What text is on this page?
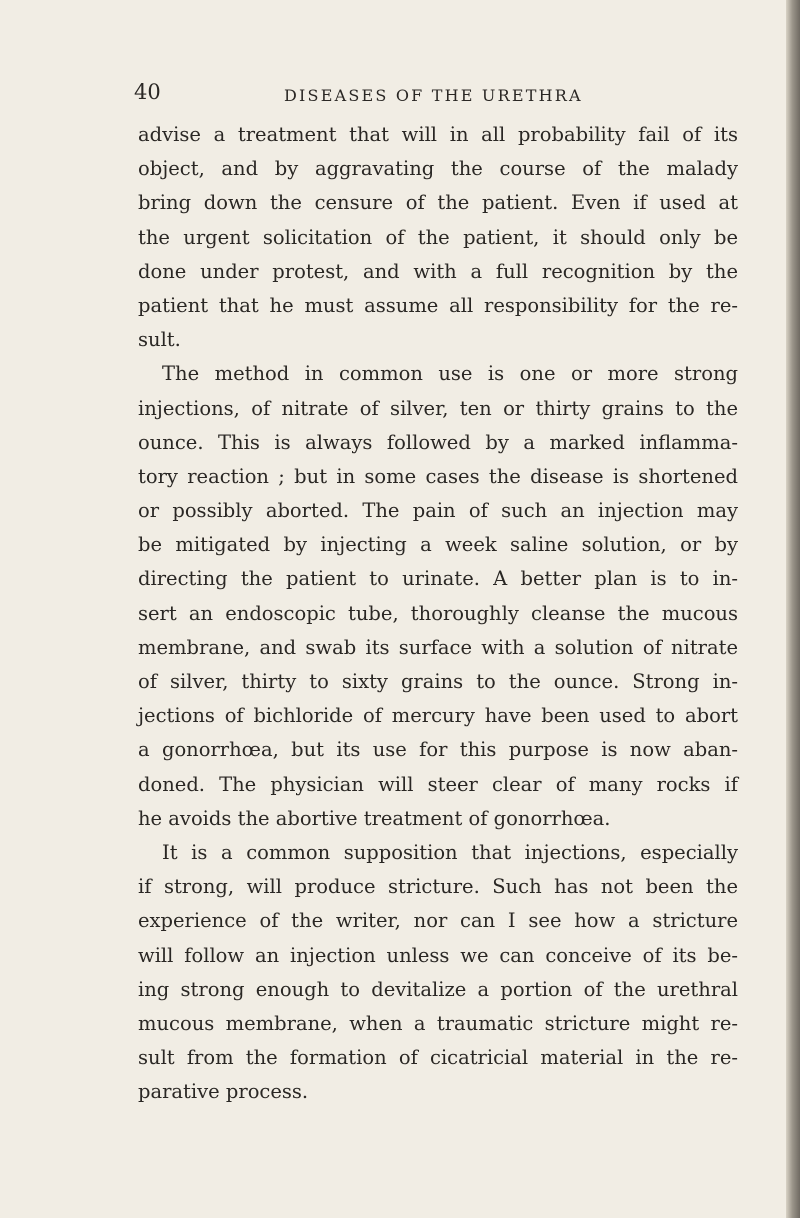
40	DISEASES OF THE URETHRA
advise a treatment that will in all probability fail of its
object, and by aggravating the course of the malady
bring down the censure of the patient. Even if used at
the urgent solicitation of the patient, it should only be
done under protest, and with a full recognition by the
patient that he must assume all responsibility for the re-
sult.
The method in common use is one or more strong
injections, of nitrate of silver, ten or thirty grains to the
ounce. This is always followed by a marked inflamma-
tory reaction ; but in some cases the disease is shortened
or possibly aborted. The pain of such an injection may
be mitigated by injecting a week saline solution, or by
directing the patient to urinate. A better plan is to in-
sert an endoscopic tube, thoroughly cleanse the mucous
membrane, and swab its surface with a solution of nitrate
of silver, thirty to sixty grains to the ounce. Strong in-
jections of bichloride of mercury have been used to abort
a gonorrhœa, but its use for this purpose is now aban-
doned. The physician will steer clear of many rocks if
he avoids the abortive treatment of gonorrhœa.
It is a common supposition that injections, especially
if strong, will produce stricture. Such has not been the
experience of the writer, nor can I see how a stricture
will follow an injection unless we can conceive of its be-
ing strong enough to devitalize a portion of the urethral
mucous membrane, when a traumatic stricture might re-
sult from the formation of cicatricial material in the re-
parative process.
